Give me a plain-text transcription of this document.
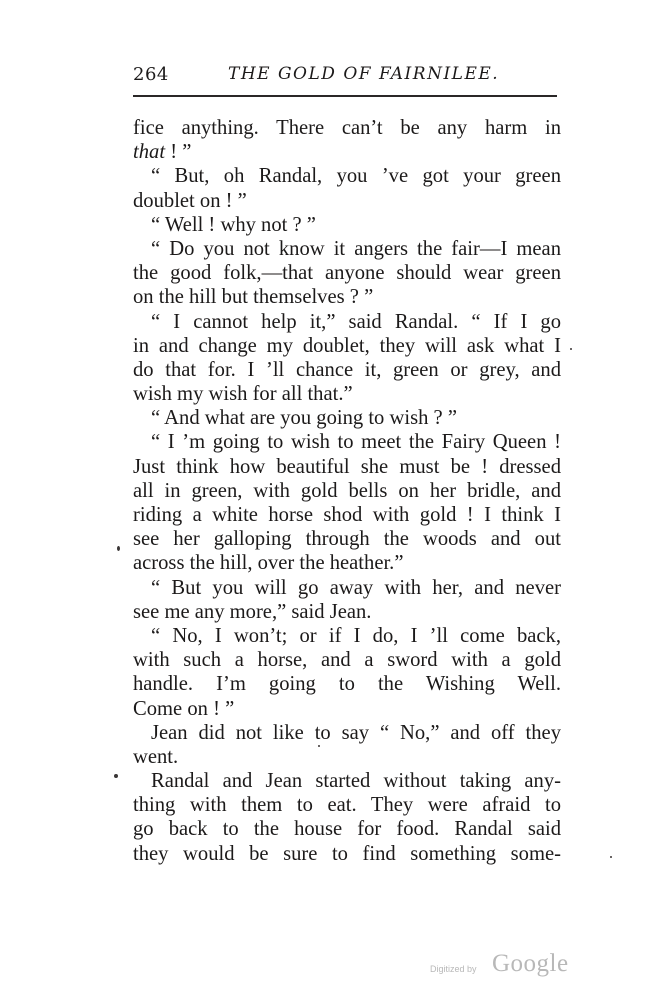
264	THE GOLD OF FAIRNILEE.
fice anything. There can’t be any harm in
that ! ”
“ But, oh Randal, you ’ve got your green
doublet on ! ”
“ Well ! why not ? ”
“ Do you not know it angers the fair—I mean
the good folk,—that anyone should wear green
on the hill but themselves ? ”
“ I cannot help it,” said Randal. “ If I go
in and change my doublet, they will ask what I
do that for. I ’ll chance it, green or grey, and
wish my wish for all that.”
“ And what are you going to wish ? ”
“ I ’m going to wish to meet the Fairy Queen !
Just think how beautiful she must be ! dressed
all in green, with gold bells on her bridle, and
riding a white horse shod with gold ! I think I
see her galloping through the woods and out
across the hill, over the heather.”
“ But you will go away with her, and never
see me any more,” said Jean.
“ No, I won’t; or if I do, I ’ll come back,
with such a horse, and a sword with a gold
handle. I’m going to the Wishing Well.
Come on ! ”
Jean did not like to say “ No,” and off they
went.
Randal and Jean started without taking any-
thing with them to eat. They were afraid to
go back to the house for food. Randal said
they would be sure to find something some-
Digitized by Google
